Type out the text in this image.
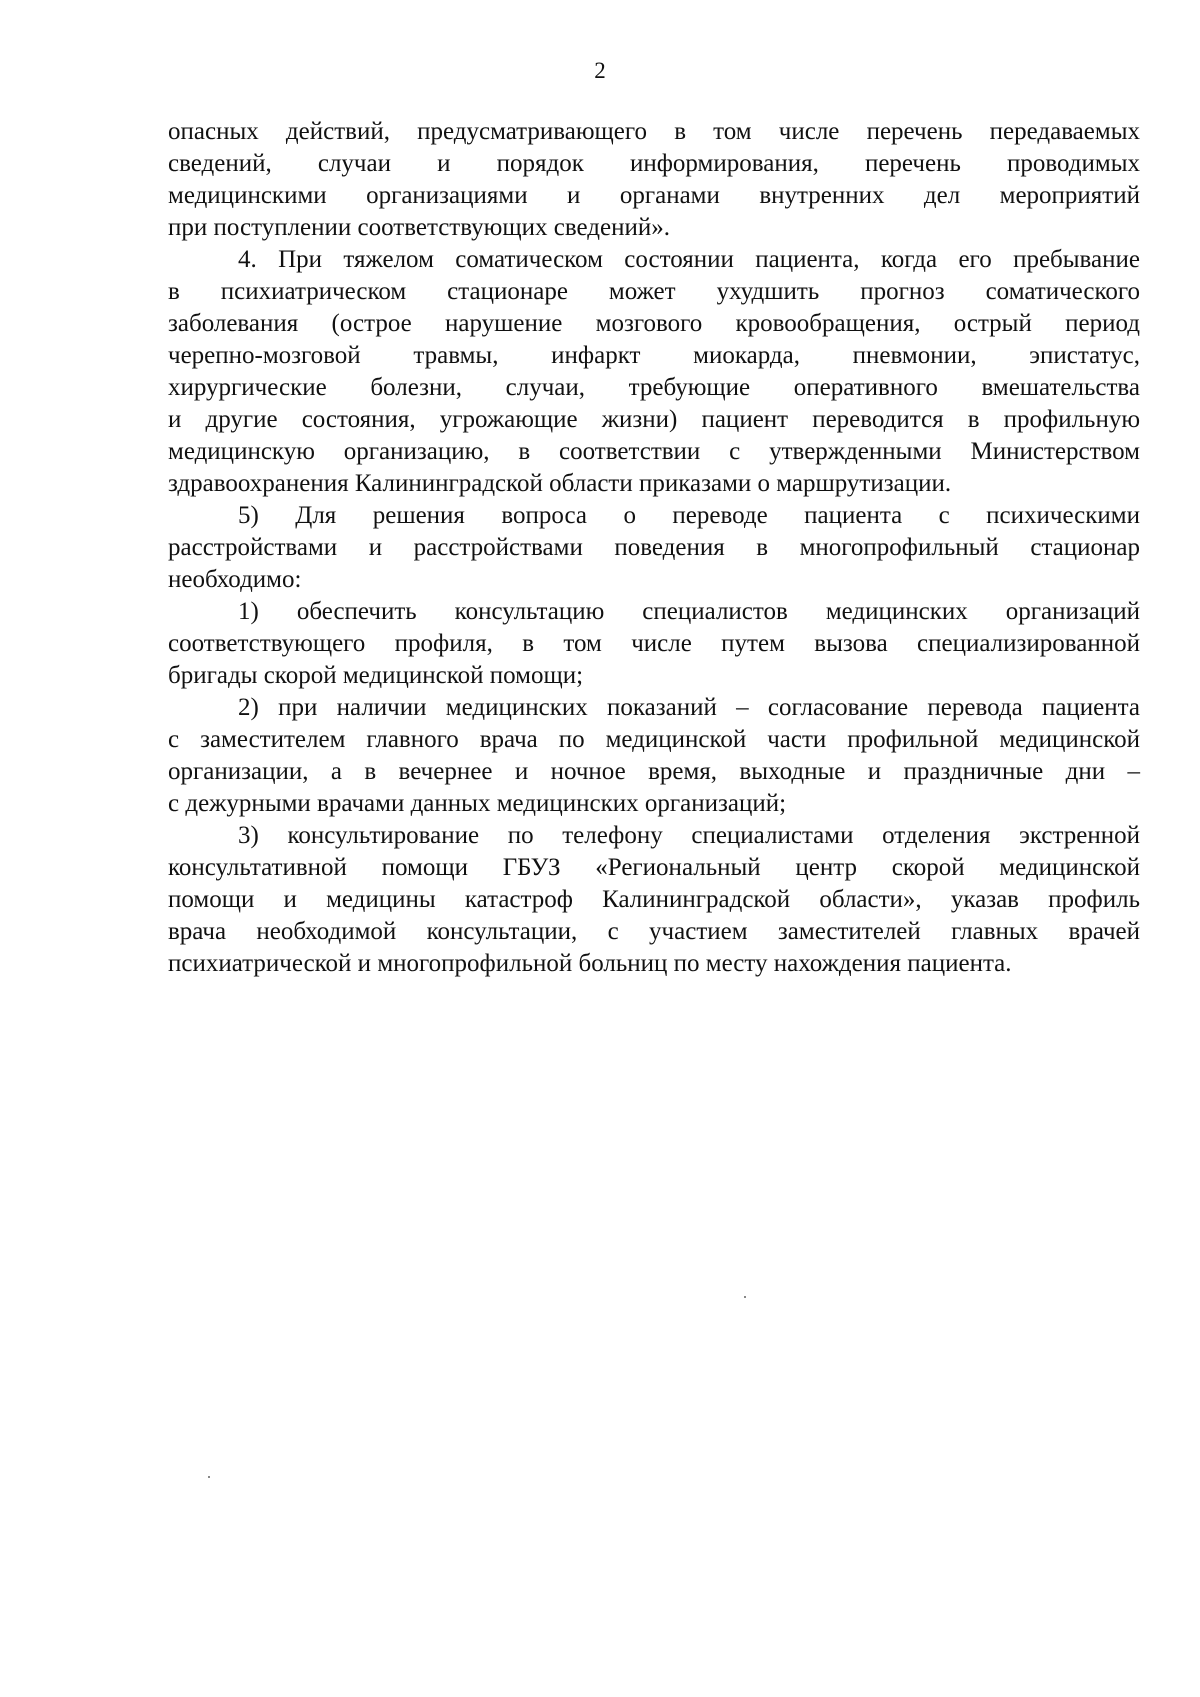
2
опасных действий, предусматривающего в том числе перечень передаваемых
сведений, случаи и порядок информирования, перечень проводимых
медицинскими организациями и органами внутренних дел мероприятий
при поступлении соответствующих сведений».
4. При тяжелом соматическом состоянии пациента, когда его пребывание
в психиатрическом стационаре может ухудшить прогноз соматического
заболевания (острое нарушение мозгового кровообращения, острый период
черепно-мозговой травмы, инфаркт миокарда, пневмонии, эпистатус,
хирургические болезни, случаи, требующие оперативного вмешательства
и другие состояния, угрожающие жизни) пациент переводится в профильную
медицинскую организацию, в соответствии с утвержденными Министерством
здравоохранения Калининградской области приказами о маршрутизации.
5) Для решения вопроса о переводе пациента с психическими
расстройствами и расстройствами поведения в многопрофильный стационар
необходимо:
1) обеспечить консультацию специалистов медицинских организаций
соответствующего профиля, в том числе путем вызова специализированной
бригады скорой медицинской помощи;
2) при наличии медицинских показаний – согласование перевода пациента
с заместителем главного врача по медицинской части профильной медицинской
организации, а в вечернее и ночное время, выходные и праздничные дни –
с дежурными врачами данных медицинских организаций;
3) консультирование по телефону специалистами отделения экстренной
консультативной помощи ГБУЗ «Региональный центр скорой медицинской
помощи и медицины катастроф Калининградской области», указав профиль
врача необходимой консультации, с участием заместителей главных врачей
психиатрической и многопрофильной больниц по месту нахождения пациента.
